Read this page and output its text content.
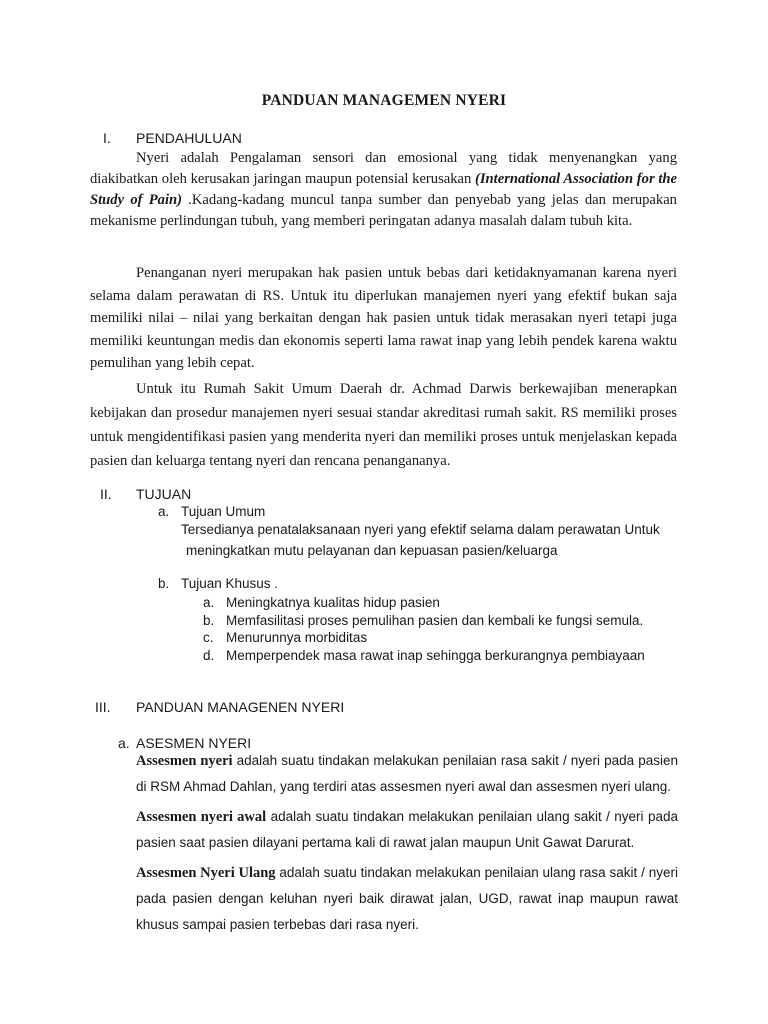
PANDUAN MANAGEMEN NYERI
I. PENDAHULUAN

Nyeri adalah Pengalaman sensori dan emosional yang tidak menyenangkan yang diakibatkan oleh kerusakan jaringan maupun potensial kerusakan (International Association for the Study of Pain) .Kadang-kadang muncul tanpa sumber dan penyebab yang jelas dan merupakan mekanisme perlindungan tubuh, yang memberi peringatan adanya masalah dalam tubuh kita.

Penanganan nyeri merupakan hak pasien untuk bebas dari ketidaknyamanan karena nyeri selama dalam perawatan di RS. Untuk itu diperlukan manajemen nyeri yang efektif bukan saja memiliki nilai – nilai yang berkaitan dengan hak pasien untuk tidak merasakan nyeri tetapi juga memiliki keuntungan medis dan ekonomis seperti lama rawat inap yang lebih pendek karena waktu pemulihan yang lebih cepat.

Untuk itu Rumah Sakit Umum Daerah dr. Achmad Darwis berkewajiban menerapkan kebijakan dan prosedur manajemen nyeri sesuai standar akreditasi rumah sakit. RS memiliki proses untuk mengidentifikasi pasien yang menderita nyeri dan memiliki proses untuk menjelaskan kepada pasien dan keluarga tentang nyeri dan rencana penangananya.

II. TUJUAN
a. Tujuan Umum
Tersedianya penatalaksanaan nyeri yang efektif selama dalam perawatan Untuk
meningkatkan mutu pelayanan dan kepuasan pasien/keluarga
b. Tujuan Khusus .
a. Meningkatnya kualitas hidup pasien
b. Memfasilitasi proses pemulihan pasien dan kembali ke fungsi semula.
c. Menurunnya morbiditas
d. Memperpendek masa rawat inap sehingga berkurangnya pembiayaan
III. PANDUAN MANAGENEN NYERI
a. ASESMEN NYERI

Assesmen nyeri adalah suatu tindakan melakukan penilaian rasa sakit / nyeri pada pasien di RSM Ahmad Dahlan, yang terdiri atas assesmen nyeri awal dan assesmen nyeri ulang.

Assesmen nyeri awal adalah suatu tindakan melakukan penilaian ulang sakit / nyeri pada pasien saat pasien dilayani pertama kali di rawat jalan maupun Unit Gawat Darurat.

Assesmen Nyeri Ulang adalah suatu tindakan melakukan penilaian ulang rasa sakit / nyeri pada pasien dengan keluhan nyeri baik dirawat jalan, UGD, rawat inap maupun rawat khusus sampai pasien terbebas dari rasa nyeri.
